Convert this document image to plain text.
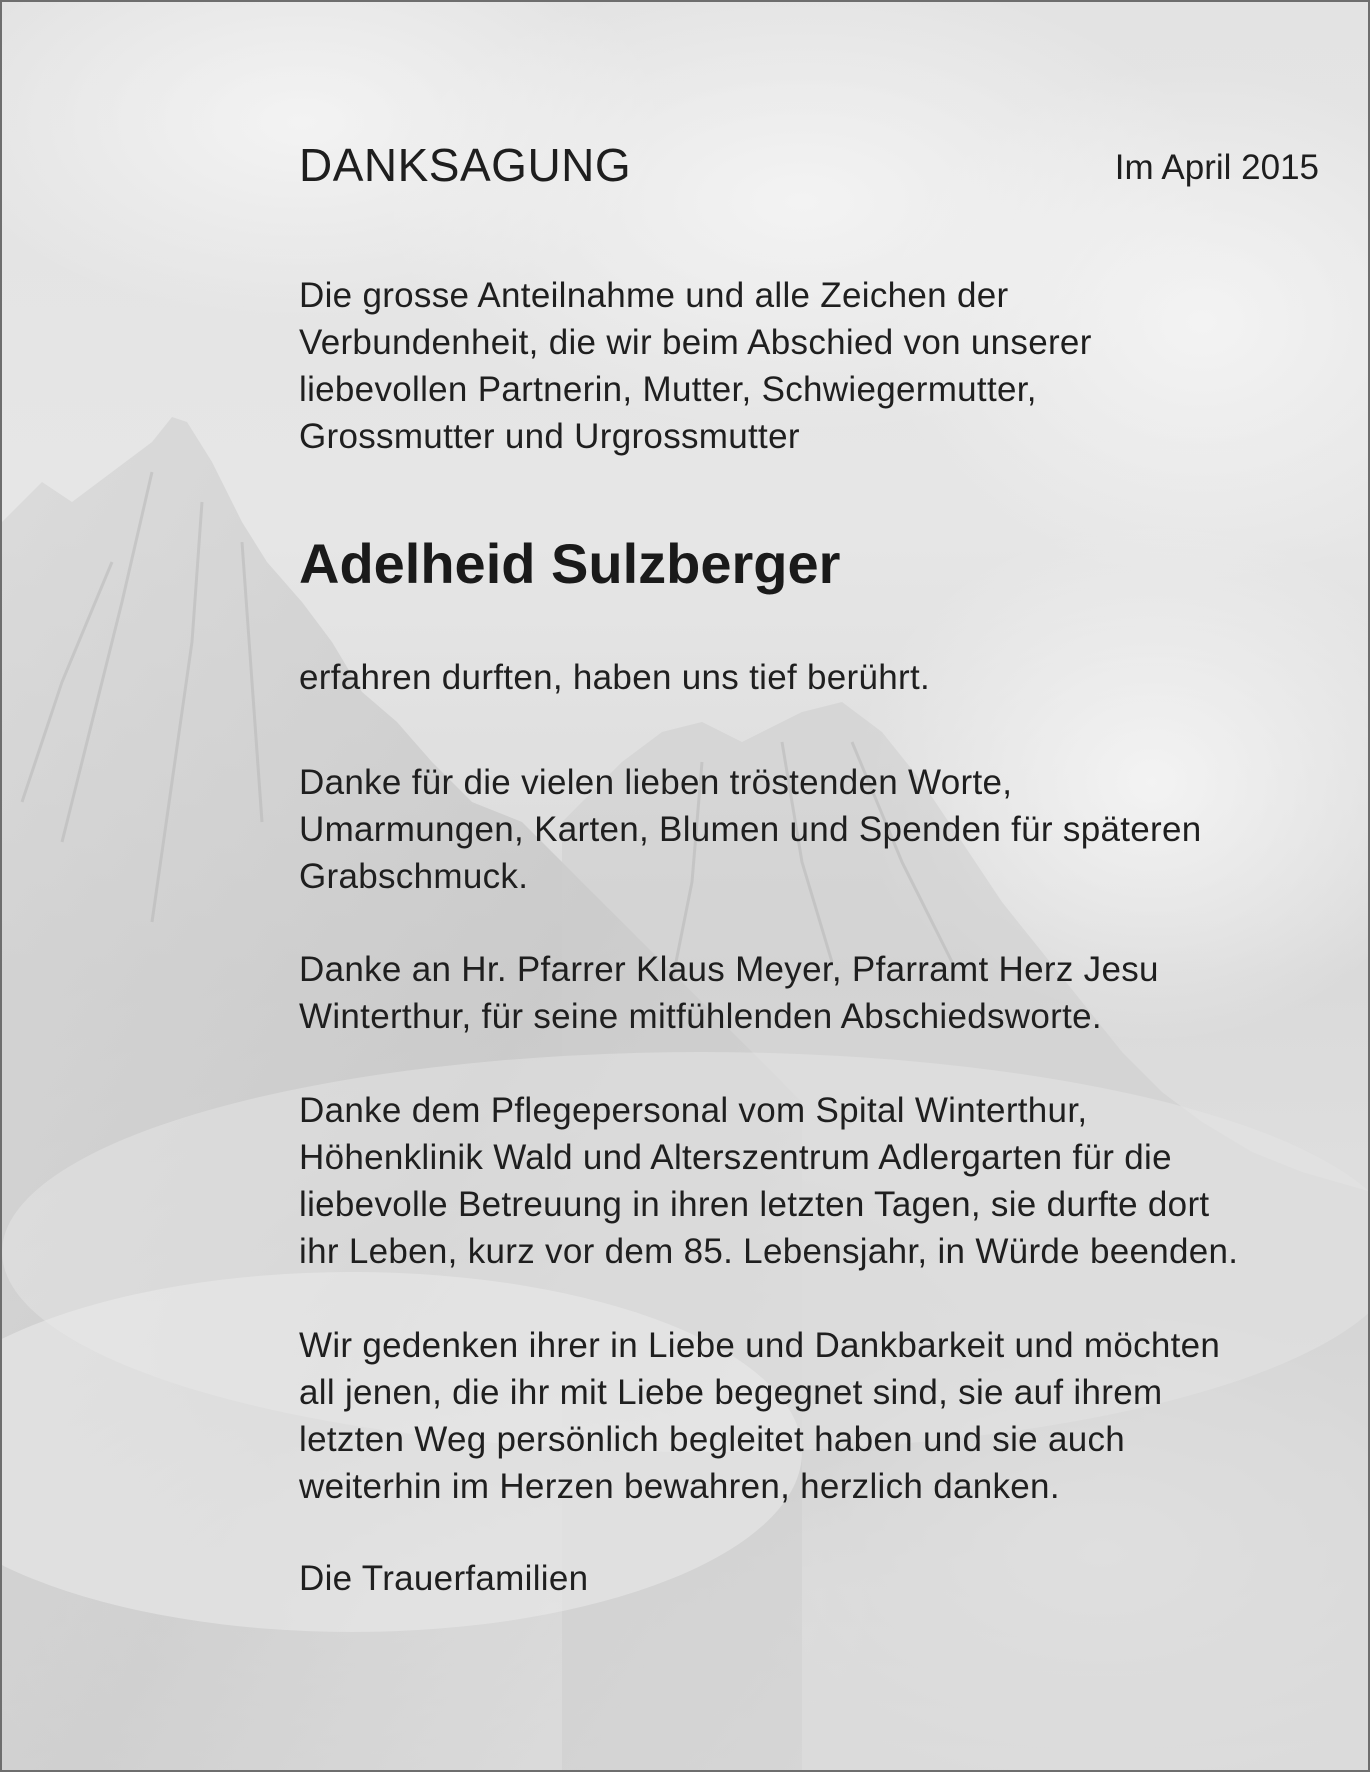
DANKSAGUNG	Im April 2015
Die grosse Anteilnahme und alle Zeichen der
Verbundenheit, die wir beim Abschied von unserer
liebevollen Partnerin, Mutter, Schwiegermutter,
Grossmutter und Urgrossmutter
Adelheid Sulzberger
erfahren durften, haben uns tief berührt.
Danke für die vielen lieben tröstenden Worte,
Umarmungen, Karten, Blumen und Spenden für späteren
Grabschmuck.
Danke an Hr. Pfarrer Klaus Meyer, Pfarramt Herz Jesu
Winterthur, für seine mitfühlenden Abschiedsworte.
Danke dem Pflegepersonal vom Spital Winterthur,
Höhenklinik Wald und Alterszentrum Adlergarten für die
liebevolle Betreuung in ihren letzten Tagen, sie durfte dort
ihr Leben, kurz vor dem 85. Lebensjahr, in Würde beenden.
Wir gedenken ihrer in Liebe und Dankbarkeit und möchten
all jenen, die ihr mit Liebe begegnet sind, sie auf ihrem
letzten Weg persönlich begleitet haben und sie auch
weiterhin im Herzen bewahren, herzlich danken.
Die Trauerfamilien
